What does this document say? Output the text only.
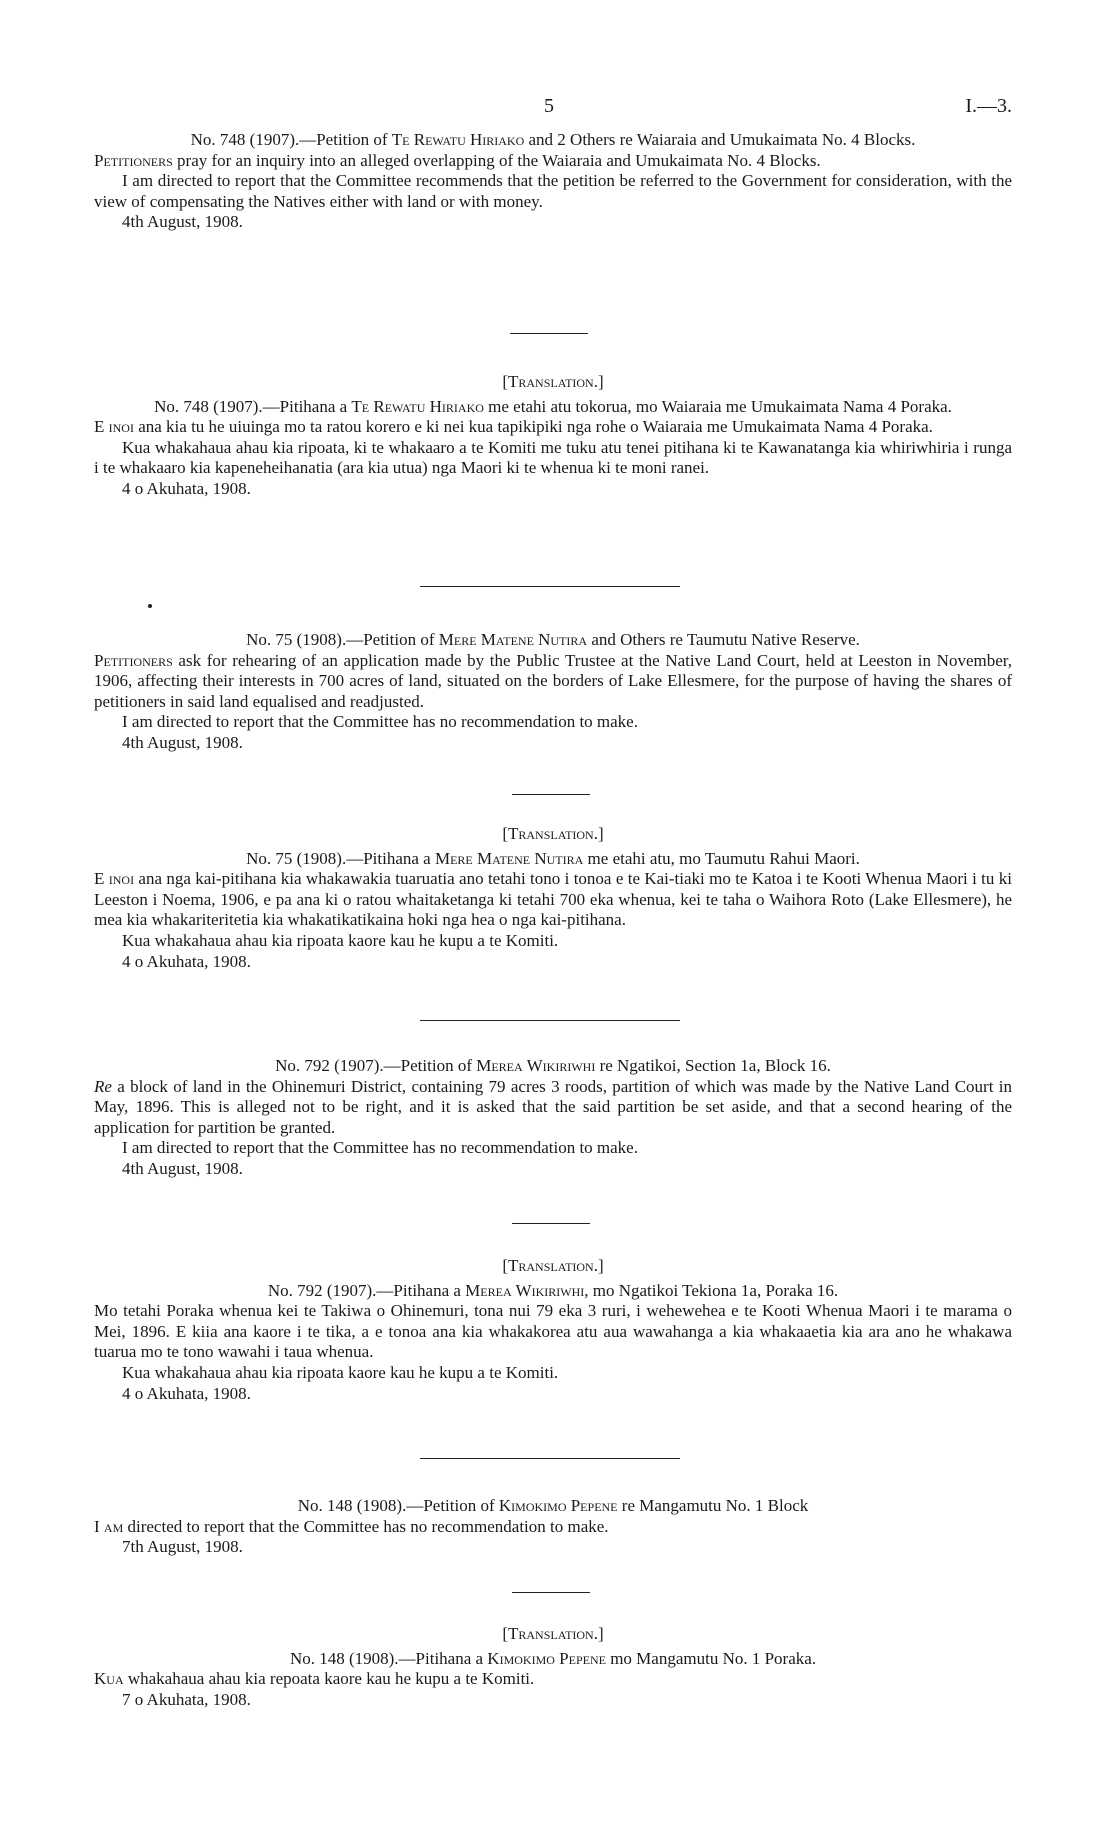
5	I.—3.

No. 748 (1907).—Petition of Te Rewatu Hiriako and 2 Others re Waiaraia and Umukaimata No. 4 Blocks.

Petitioners pray for an inquiry into an alleged overlapping of the Waiaraia and Umukaimata No. 4 Blocks.

I am directed to report that the Committee recommends that the petition be referred to the Government for consideration, with the view of compensating the Natives either with land or with money.

4th August, 1908.

[Translation.]

No. 748 (1907).—Pitihana a Te Rewatu Hiriako me etahi atu tokorua, mo Waiaraia me Umukaimata Nama 4 Poraka.

E inoi ana kia tu he uiuinga mo ta ratou korero e ki nei kua tapikipiki nga rohe o Waiaraia me Umukaimata Nama 4 Poraka.

Kua whakahaua ahau kia ripoata, ki te whakaaro a te Komiti me tuku atu tenei pitihana ki te Kawanatanga kia whiriwhiria i runga i te whakaaro kia kapeneheihanatia (ara kia utua) nga Maori ki te whenua ki te moni ranei.

4 o Akuhata, 1908.

No. 75 (1908).—Petition of Mere Matene Nutira and Others re Taumutu Native Reserve.

Petitioners ask for rehearing of an application made by the Public Trustee at the Native Land Court, held at Leeston in November, 1906, affecting their interests in 700 acres of land, situated on the borders of Lake Ellesmere, for the purpose of having the shares of petitioners in said land equalised and readjusted.

I am directed to report that the Committee has no recommendation to make.

4th August, 1908.

[Translation.]

No. 75 (1908).—Pitihana a Mere Matene Nutira me etahi atu, mo Taumutu Rahui Maori.

E inoi ana nga kai-pitihana kia whakawakia tuaruatia ano tetahi tono i tonoa e te Kai-tiaki mo te Katoa i te Kooti Whenua Maori i tu ki Leeston i Noema, 1906, e pa ana ki o ratou whaitaketanga ki tetahi 700 eka whenua, kei te taha o Waihora Roto (Lake Ellesmere), he mea kia whakariteritetia kia whakatikatikaina hoki nga hea o nga kai-pitihana.

Kua whakahaua ahau kia ripoata kaore kau he kupu a te Komiti.

4 o Akuhata, 1908.

No. 792 (1907).—Petition of Merea Wikiriwhi re Ngatikoi, Section 1a, Block 16.

Re a block of land in the Ohinemuri District, containing 79 acres 3 roods, partition of which was made by the Native Land Court in May, 1896. This is alleged not to be right, and it is asked that the said partition be set aside, and that a second hearing of the application for partition be granted.

I am directed to report that the Committee has no recommendation to make.

4th August, 1908.

[Translation.]

No. 792 (1907).—Pitihana a Merea Wikiriwhi, mo Ngatikoi Tekiona 1a, Poraka 16.

Mo tetahi Poraka whenua kei te Takiwa o Ohinemuri, tona nui 79 eka 3 ruri, i wehewehea e te Kooti Whenua Maori i te marama o Mei, 1896. E kiia ana kaore i te tika, a e tonoa ana kia whakakorea atu aua wawahanga a kia whakaaetia kia ara ano he whakawa tuarua mo te tono wawahi i taua whenua.

Kua whakahaua ahau kia ripoata kaore kau he kupu a te Komiti.

4 o Akuhata, 1908.

No. 148 (1908).—Petition of Kimokimo Pepene re Mangamutu No. 1 Block

I am directed to report that the Committee has no recommendation to make.

7th August, 1908.

[Translation.]

No. 148 (1908).—Pitihana a Kimokimo Pepene mo Mangamutu No. 1 Poraka.

Kua whakahaua ahau kia repoata kaore kau he kupu a te Komiti.

7 o Akuhata, 1908.
